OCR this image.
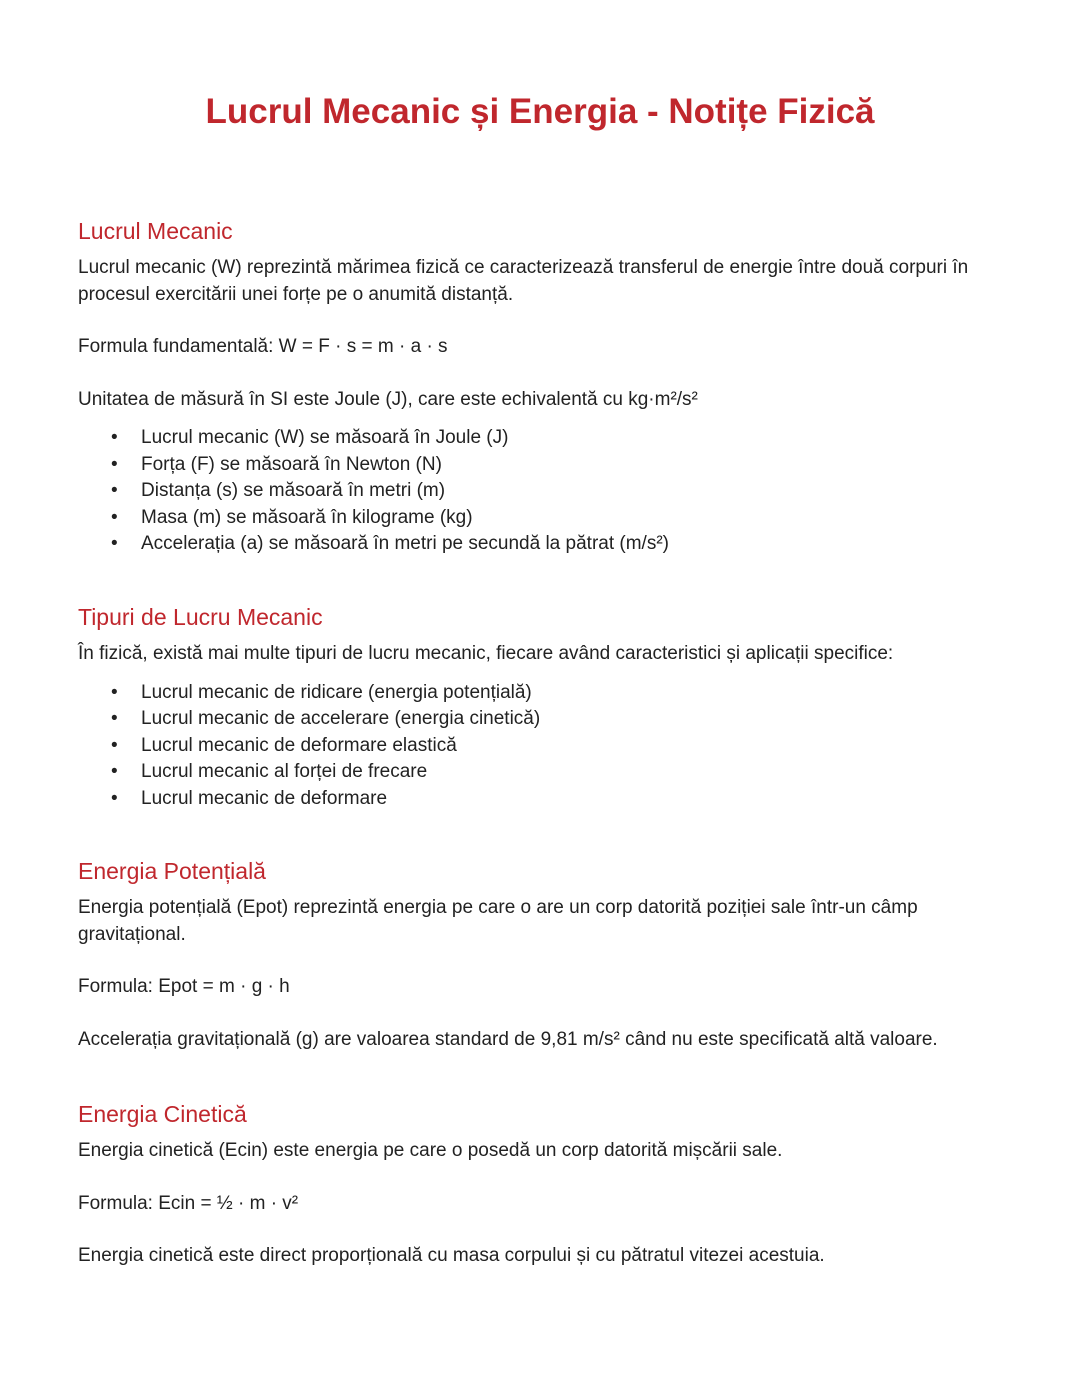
Lucrul Mecanic și Energia - Notițe Fizică
Lucrul Mecanic

Lucrul mecanic (W) reprezintă mărimea fizică ce caracterizează transferul de energie între două corpuri în procesul exercitării unei forțe pe o anumită distanță.

Formula fundamentală: W = F · s = m · a · s

Unitatea de măsură în SI este Joule (J), care este echivalentă cu kg·m²/s²

• Lucrul mecanic (W) se măsoară în Joule (J)
• Forța (F) se măsoară în Newton (N)
• Distanța (s) se măsoară în metri (m)
• Masa (m) se măsoară în kilograme (kg)
• Accelerația (a) se măsoară în metri pe secundă la pătrat (m/s²)
Tipuri de Lucru Mecanic

În fizică, există mai multe tipuri de lucru mecanic, fiecare având caracteristici și aplicații specifice:

• Lucrul mecanic de ridicare (energia potențială)
• Lucrul mecanic de accelerare (energia cinetică)
• Lucrul mecanic de deformare elastică
• Lucrul mecanic al forței de frecare
• Lucrul mecanic de deformare
Energia Potențială

Energia potențială (Epot) reprezintă energia pe care o are un corp datorită poziției sale într-un câmp gravitațional.

Formula: Epot = m · g · h

Accelerația gravitațională (g) are valoarea standard de 9,81 m/s² când nu este specificată altă valoare.

Energia Cinetică

Energia cinetică (Ecin) este energia pe care o posedă un corp datorită mișcării sale.

Formula: Ecin = ½ · m · v²

Energia cinetică este direct proporțională cu masa corpului și cu pătratul vitezei acestuia.
